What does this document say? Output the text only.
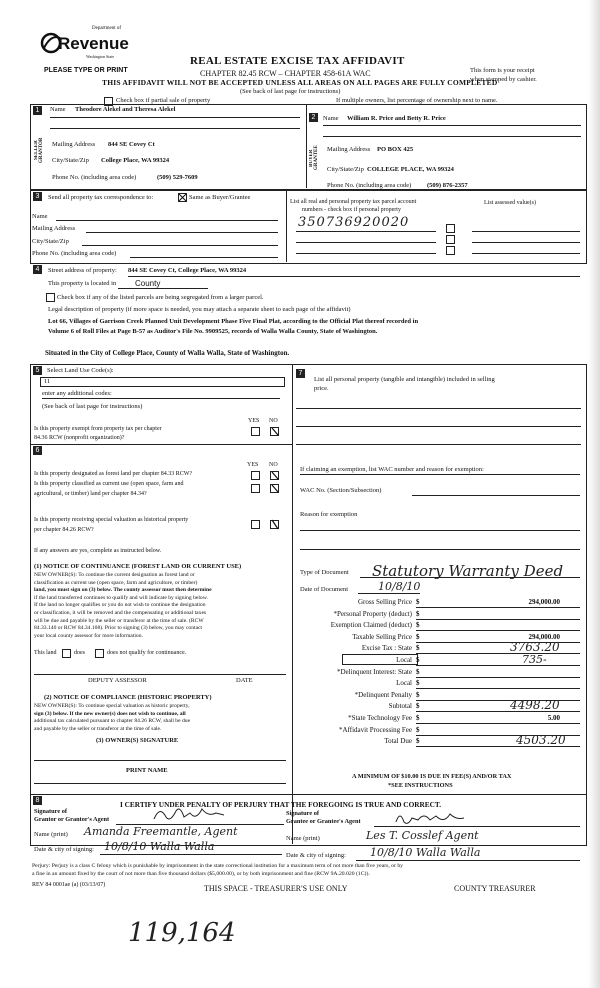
Department of
Revenue
Washington State
PLEASE TYPE OR PRINT
REAL ESTATE EXCISE TAX AFFIDAVIT
CHAPTER 82.45 RCW – CHAPTER 458-61A WAC
THIS AFFIDAVIT WILL NOT BE ACCEPTED UNLESS ALL AREAS ON ALL PAGES ARE FULLY COMPLETED
(See back of last page for instructions)
This form is your receipt
when stamped by cashier.
Check box if partial sale of property	If multiple owners, list percentage of ownership next to name.
1
SELLER GRANTOR
Name Theodore Alekel and Theresa Alekel
Mailing Address 844 SE Covey Ct
City/State/Zip College Place, WA 99324
Phone No. (including area code)	(509) 529-7609
2
BUYER GRANTEE
Name William R. Price and Betty R. Price
Mailing Address PO BOX 425
City/State/Zip COLLEGE PLACE, WA 99324
Phone No. (including area code) (509) 876-2357
3	Send all property tax correspondence to:	Same as Buyer/Grantee
Name
Mailing Address
City/State/Zip
Phone No. (including area code)
List all real and personal property tax parcel account
numbers - check box if personal property
List assessed value(s)
350736920020
4	Street address of property: 844 SE Covey Ct, College Place, WA 99324
This property is located in County
Check box if any of the listed parcels are being segregated from a larger parcel.
Legal description of property (if more space is needed, you may attach a separate sheet to each page of the affidavit)
Lot 66, Villages of Garrison Creek Planned Unit Development Phase Five Final Plat, according to the Official Plat thereof recorded in
Volume 6 of Roll Files at Page B-57 as Auditor's File No. 9909525, records of Walla Walla County, State of Washington.
Situated in the City of College Place, County of Walla Walla, State of Washington.
5	Select Land Use Code(s):
11
enter any additional codes:
(See back of last page for instructions)
YES NO
Is this property exempt from property tax per chapter
84.36 RCW (nonprofit organization)?
6
YES NO
Is this property designated as forest land per chapter 84.33 RCW?
Is this property classified as current use (open space, farm and
agricultural, or timber) land per chapter 84.34?
Is this property receiving special valuation as historical property
per chapter 84.26 RCW?
If any answers are yes, complete as instructed below.
(1) NOTICE OF CONTINUANCE (FOREST LAND OR CURRENT USE)
NEW OWNER(S): To continue the current designation as forest land or
classification as current use (open space, farm and agriculture, or timber)
land, you must sign on (3) below. The county assessor must then determine
if the land transferred continues to qualify and will indicate by signing below.
If the land no longer qualifies or you do not wish to continue the designation
or classification, it will be removed and the compensating or additional taxes
will be due and payable by the seller or transferor at the time of sale. (RCW
84.33.140 or RCW 84.34.108). Prior to signing (3) below, you may contact
your local county assessor for more information.
This land	does	does not qualify for continuance.
DEPUTY ASSESSOR	DATE
(2) NOTICE OF COMPLIANCE (HISTORIC PROPERTY)
NEW OWNER(S): To continue special valuation as historic property,
sign (3) below. If the new owner(s) does not wish to continue, all
additional tax calculated pursuant to chapter 84.26 RCW, shall be due
and payable by the seller or transferor at the time of sale.
(3) OWNER(S) SIGNATURE
PRINT NAME
7
List all personal property (tangible and intangible) included in selling
price.
If claiming an exemption, list WAC number and reason for exemption:
WAC No. (Section/Subsection)
Reason for exemption
Type of Document Statutory Warranty Deed
Date of Document	10/8/10
Gross Selling Price $	294,000.00
*Personal Property (deduct) $
Exemption Claimed (deduct) $
Taxable Selling Price $	294,000.00
Excise Tax : State $	3763.20
Local $	735-
*Delinquent Interest: State $
Local $
*Delinquent Penalty $
Subtotal $	4498.20
*State Technology Fee $	5.00
*Affidavit Processing Fee $
Total Due $	4503.20
A MINIMUM OF $10.00 IS DUE IN FEE(S) AND/OR TAX
*SEE INSTRUCTIONS
8	I CERTIFY UNDER PENALTY OF PERJURY THAT THE FOREGOING IS TRUE AND CORRECT.
Signature of
Grantor or Grantor's Agent
Name (print) Amanda Freemantle, Agent
Date & city of signing: 10/8/10 Walla Walla
Signature of
Grantee or Grantee's Agent
Name (print)	Les T. Cosslef Agent
Date & city of signing: 10/8/10 Walla Walla
Perjury: Perjury is a class C felony which is punishable by imprisonment in the state correctional institution for a maximum term of not more than five years, or by
a fine in an amount fixed by the court of not more than five thousand dollars ($5,000.00), or by both imprisonment and fine (RCW 9A.20.020 (1C)).
REV 84 0001ae (a) (03/13/07)	THIS SPACE - TREASURER'S USE ONLY	COUNTY TREASURER
119,164
